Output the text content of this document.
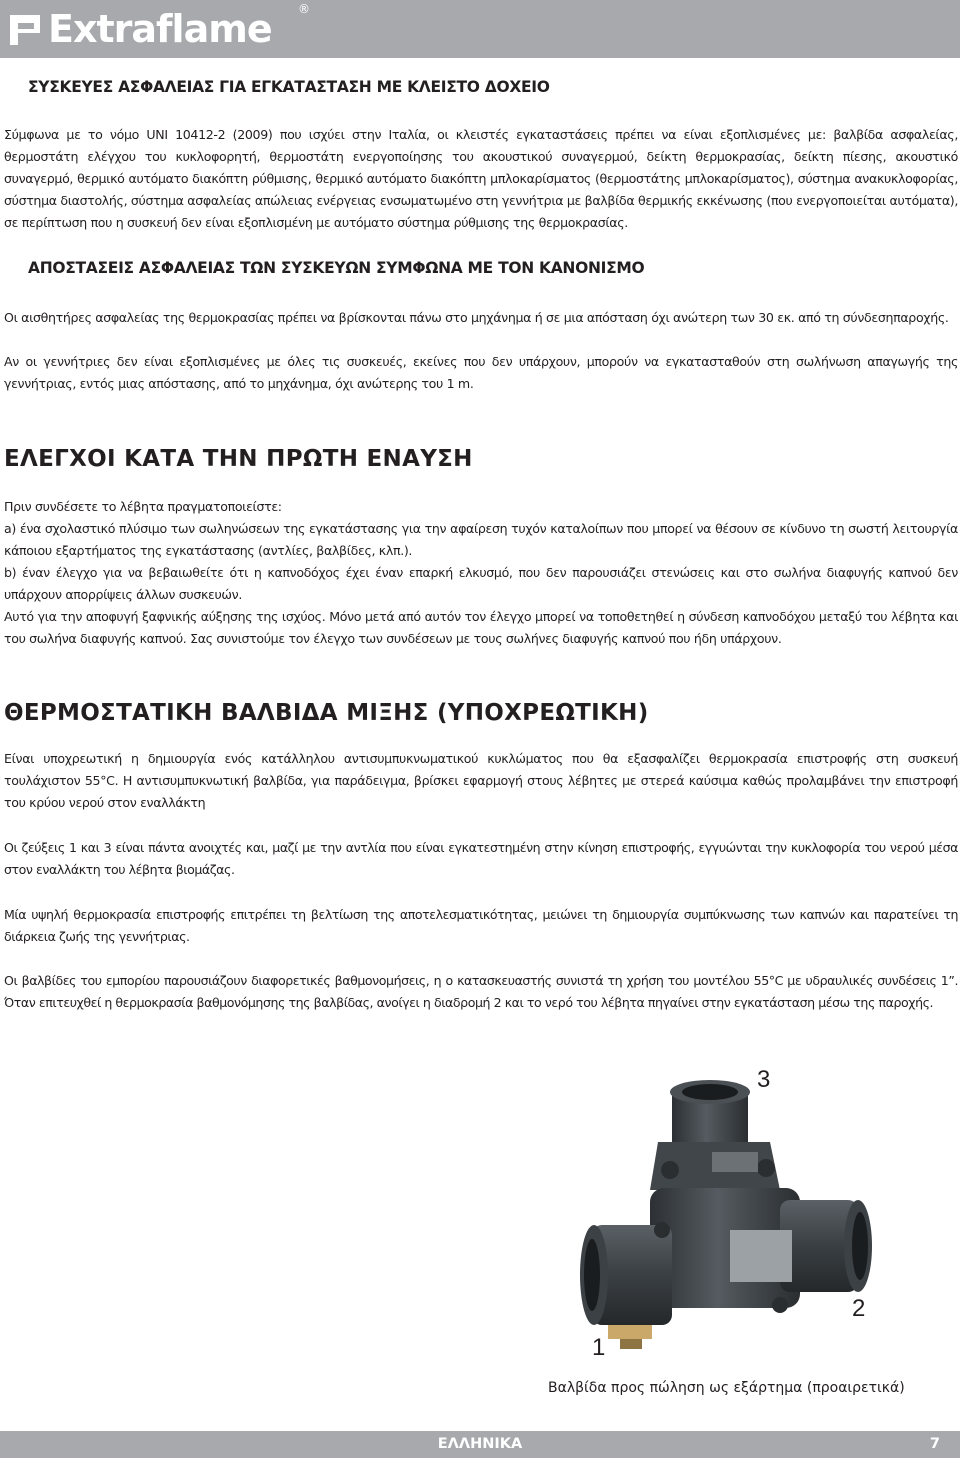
Extraflame ®
ΣΥΣΚΕΥΕΣ ΑΣΦΑΛΕΙΑΣ ΓΙΑ ΕΓΚΑΤΑΣΤΑΣΗ ΜΕ ΚΛΕΙΣΤΟ ΔΟΧΕΙΟ

Σύμφωνα με το νόμο UNI 10412-2 (2009) που ισχύει στην Ιταλία, οι κλειστές εγκαταστάσεις πρέπει να είναι εξοπλισμένες με: βαλβίδα ασφαλείας, θερμοστάτη ελέγχου του κυκλοφορητή, θερμοστάτη ενεργοποίησης του ακουστικού συναγερμού, δείκτη θερμοκρασίας, δείκτη πίεσης, ακουστικό συναγερμό, θερμικό αυτόματο διακόπτη ρύθμισης, θερμικό αυτόματο διακόπτη μπλοκαρίσματος (θερμοστάτης μπλοκαρίσματος), σύστημα ανακυκλοφορίας, σύστημα διαστολής, σύστημα ασφαλείας απώλειας ενέργειας ενσωματωμένο στη γεννήτρια με βαλβίδα θερμικής εκκένωσης (που ενεργοποιείται αυτόματα), σε περίπτωση που η συσκευή δεν είναι εξοπλισμένη με αυτόματο σύστημα ρύθμισης της θερμοκρασίας.

ΑΠΟΣΤΑΣΕΙΣ ΑΣΦΑΛΕΙΑΣ ΤΩΝ ΣΥΣΚΕΥΩΝ ΣΥΜΦΩΝΑ ΜΕ ΤΟΝ ΚΑΝΟΝΙΣΜΟ

Οι αισθητήρες ασφαλείας της θερμοκρασίας πρέπει να βρίσκονται πάνω στο μηχάνημα ή σε μια απόσταση όχι ανώτερη των 30 εκ. από τη σύνδεσηπαροχής.

Αν οι γεννήτριες δεν είναι εξοπλισμένες με όλες τις συσκευές, εκείνες που δεν υπάρχουν, μπορούν να εγκατασταθούν στη σωλήνωση απαγωγής της γεννήτριας, εντός μιας απόστασης, από το μηχάνημα, όχι ανώτερης του 1 m.

ΕΛΕΓΧΟΙ ΚΑΤΑ ΤΗΝ ΠΡΩΤΗ ΕΝΑΥΣΗ

Πριν συνδέσετε το λέβητα πραγματοποιείστε:

a) ένα σχολαστικό πλύσιμο των σωληνώσεων της εγκατάστασης για την αφαίρεση τυχόν καταλοίπων που μπορεί να θέσουν σε κίνδυνο τη σωστή λειτουργία κάποιου εξαρτήματος της εγκατάστασης (αντλίες, βαλβίδες, κλπ.).

b) έναν έλεγχο για να βεβαιωθείτε ότι η καπνοδόχος έχει έναν επαρκή ελκυσμό, που δεν παρουσιάζει στενώσεις και στο σωλήνα διαφυγής καπνού δεν υπάρχουν απορρίψεις άλλων συσκευών.

Αυτό για την αποφυγή ξαφνικής αύξησης της ισχύος. Μόνο μετά από αυτόν τον έλεγχο μπορεί να τοποθετηθεί η σύνδεση καπνοδόχου μεταξύ του λέβητα και του σωλήνα διαφυγής καπνού. Σας συνιστούμε τον έλεγχο των συνδέσεων με τους σωλήνες διαφυγής καπνού που ήδη υπάρχουν.

ΘΕΡΜΟΣΤΑΤΙΚΗ ΒΑΛΒΙΔΑ ΜΙΞΗΣ (ΥΠΟΧΡΕΩΤΙΚΗ)

Είναι υποχρεωτική η δημιουργία ενός κατάλληλου αντισυμπυκνωματικού κυκλώματος που θα εξασφαλίζει θερμοκρασία επιστροφής στη συσκευή τουλάχιστον 55°C. Η αντισυμπυκνωτική βαλβίδα, για παράδειγμα, βρίσκει εφαρμογή στους λέβητες με στερεά καύσιμα καθώς προλαμβάνει την επιστροφή του κρύου νερού στον εναλλάκτη

Οι ζεύξεις 1 και 3 είναι πάντα ανοιχτές και, μαζί με την αντλία που είναι εγκατεστημένη στην κίνηση επιστροφής, εγγυώνται την κυκλοφορία του νερού μέσα στον εναλλάκτη του λέβητα βιομάζας.

Μία υψηλή θερμοκρασία επιστροφής επιτρέπει τη βελτίωση της αποτελεσματικότητας, μειώνει τη δημιουργία συμπύκνωσης των καπνών και παρατείνει τη διάρκεια ζωής της γεννήτριας.

Οι βαλβίδες του εμπορίου παρουσιάζουν διαφορετικές βαθμονομήσεις, η ο κατασκευαστής συνιστά τη χρήση του μοντέλου 55°C με υδραυλικές συνδέσεις 1”. Όταν επιτευχθεί η θερμοκρασία βαθμονόμησης της βαλβίδας, ανοίγει η διαδρομή 2 και το νερό του λέβητα πηγαίνει στην εγκατάσταση μέσω της παροχής.

3
2
1
Βαλβίδα προς πώληση ως εξάρτημα (προαιρετικά)
ΕΛΛΗΝΙΚΑ	7
